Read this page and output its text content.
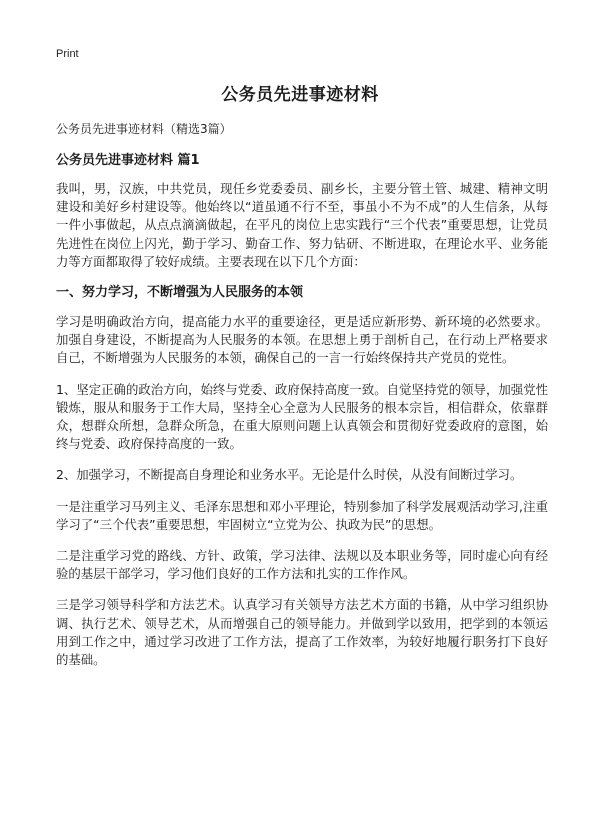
Print
公务员先进事迹材料

公务员先进事迹材料（精选3篇）

公务员先进事迹材料 篇1

我叫，男，汉族，中共党员，现任乡党委委员、副乡长，主要分管土管、城建、精神文明建设和美好乡村建设等。他始终以“道虽通不行不至，事虽小不为不成”的人生信条，从每一件小事做起，从点点滴滴做起，在平凡的岗位上忠实践行“三个代表”重要思想，让党员先进性在岗位上闪光，勤于学习、勤奋工作、努力钻研、不断进取，在理论水平、业务能力等方面都取得了较好成绩。主要表现在以下几个方面：

一、努力学习，不断增强为人民服务的本领

学习是明确政治方向，提高能力水平的重要途径，更是适应新形势、新环境的必然要求。加强自身建设，不断提高为人民服务的本领。在思想上勇于剖析自己，在行动上严格要求自己，不断增强为人民服务的本领，确保自己的一言一行始终保持共产党员的党性。

1、坚定正确的政治方向，始终与党委、政府保持高度一致。自觉坚持党的领导，加强党性锻炼，服从和服务于工作大局，坚持全心全意为人民服务的根本宗旨，相信群众，依靠群众，想群众所想，急群众所急，在重大原则问题上认真领会和贯彻好党委政府的意图，始终与党委、政府保持高度的一致。

2、加强学习，不断提高自身理论和业务水平。无论是什么时侯，从没有间断过学习。

一是注重学习马列主义、毛泽东思想和邓小平理论，特别参加了科学发展观活动学习,注重学习了“三个代表”重要思想，牢固树立“立党为公、执政为民”的思想。

二是注重学习党的路线、方针、政策，学习法律、法规以及本职业务等，同时虚心向有经验的基层干部学习，学习他们良好的工作方法和扎实的工作作风。

三是学习领导科学和方法艺术。认真学习有关领导方法艺术方面的书籍，从中学习组织协调、执行艺术、领导艺术，从而增强自己的领导能力。并做到学以致用，把学到的本领运用到工作之中，通过学习改进了工作方法，提高了工作效率，为较好地履行职务打下良好的基础。
